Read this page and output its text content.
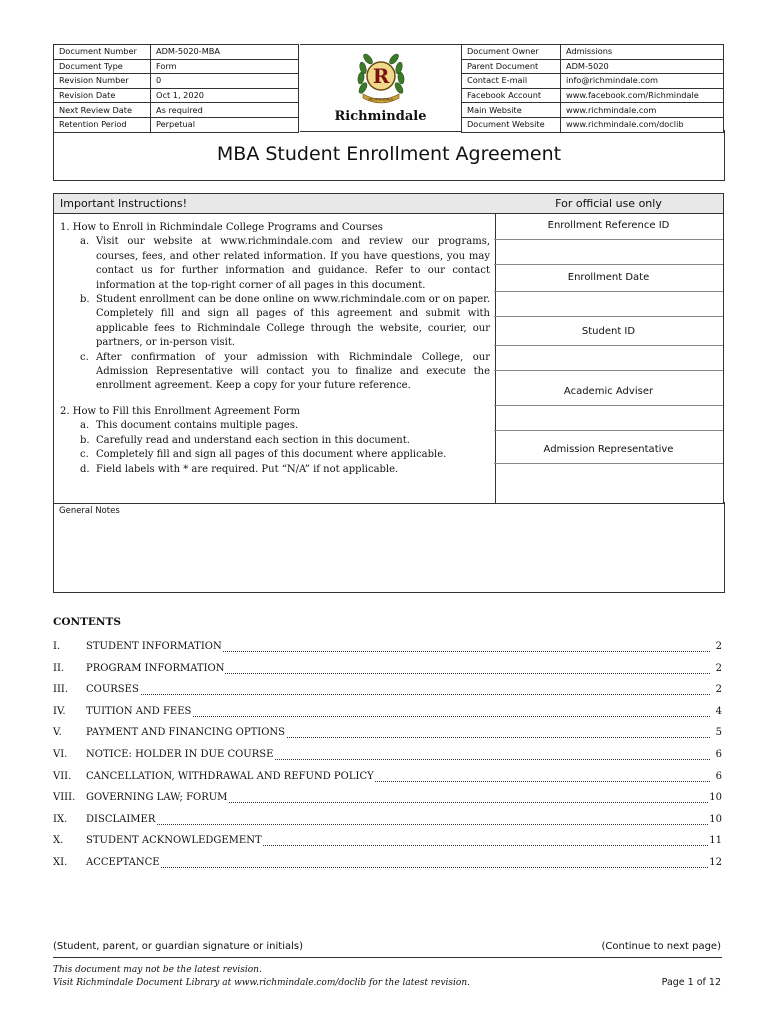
Document Number	ADM-5020-MBA
Document Type	Form
Revision Number	0
Revision Date	Oct 1, 2020
Next Review Date	As required
Retention Period	Perpetual
R
RICHMINDALE
Richmindale
Document Owner	Admissions
Parent Document	ADM-5020
Contact E-mail	info@richmindale.com
Facebook Account	www.facebook.com/Richmindale
Main Website	www.richmindale.com
Document Website	www.richmindale.com/doclib
MBA Student Enrollment Agreement
Important Instructions!
1. How to Enroll in Richmindale College Programs and Courses
a. Visit our website at www.richmindale.com and review our programs, courses, fees, and other related information. If you have questions, you may contact us for further information and guidance. Refer to our contact information at the top-right corner of all pages in this document.
b. Student enrollment can be done online on www.richmindale.com or on paper. Completely fill and sign all pages of this agreement and submit with applicable fees to Richmindale College through the website, courier, our partners, or in-person visit.
c. After confirmation of your admission with Richmindale College, our Admission Representative will contact you to finalize and execute the enrollment agreement. Keep a copy for your future reference.
2. How to Fill this Enrollment Agreement Form
a. This document contains multiple pages.
b. Carefully read and understand each section in this document.
c. Completely fill and sign all pages of this document where applicable.
d. Field labels with * are required. Put “N/A” if not applicable.
For official use only
Enrollment Reference ID
Enrollment Date
Student ID
Academic Adviser
Admission Representative
General Notes
CONTENTS
I.	STUDENT INFORMATION	2
II. PROGRAM INFORMATION	2
III. COURSES	2
IV. TUITION AND FEES	4
V. PAYMENT AND FINANCING OPTIONS	5
VI. NOTICE: HOLDER IN DUE COURSE	6
VII. CANCELLATION, WITHDRAWAL AND REFUND POLICY	6
VIII. GOVERNING LAW; FORUM	10
IX. DISCLAIMER	10
X. STUDENT ACKNOWLEDGEMENT	11
XI. ACCEPTANCE	12
(Student, parent, or guardian signature or initials)	(Continue to next page)
This document may not be the latest revision.
Visit Richmindale Document Library at www.richmindale.com/doclib for the latest revision.	Page 1 of 12
